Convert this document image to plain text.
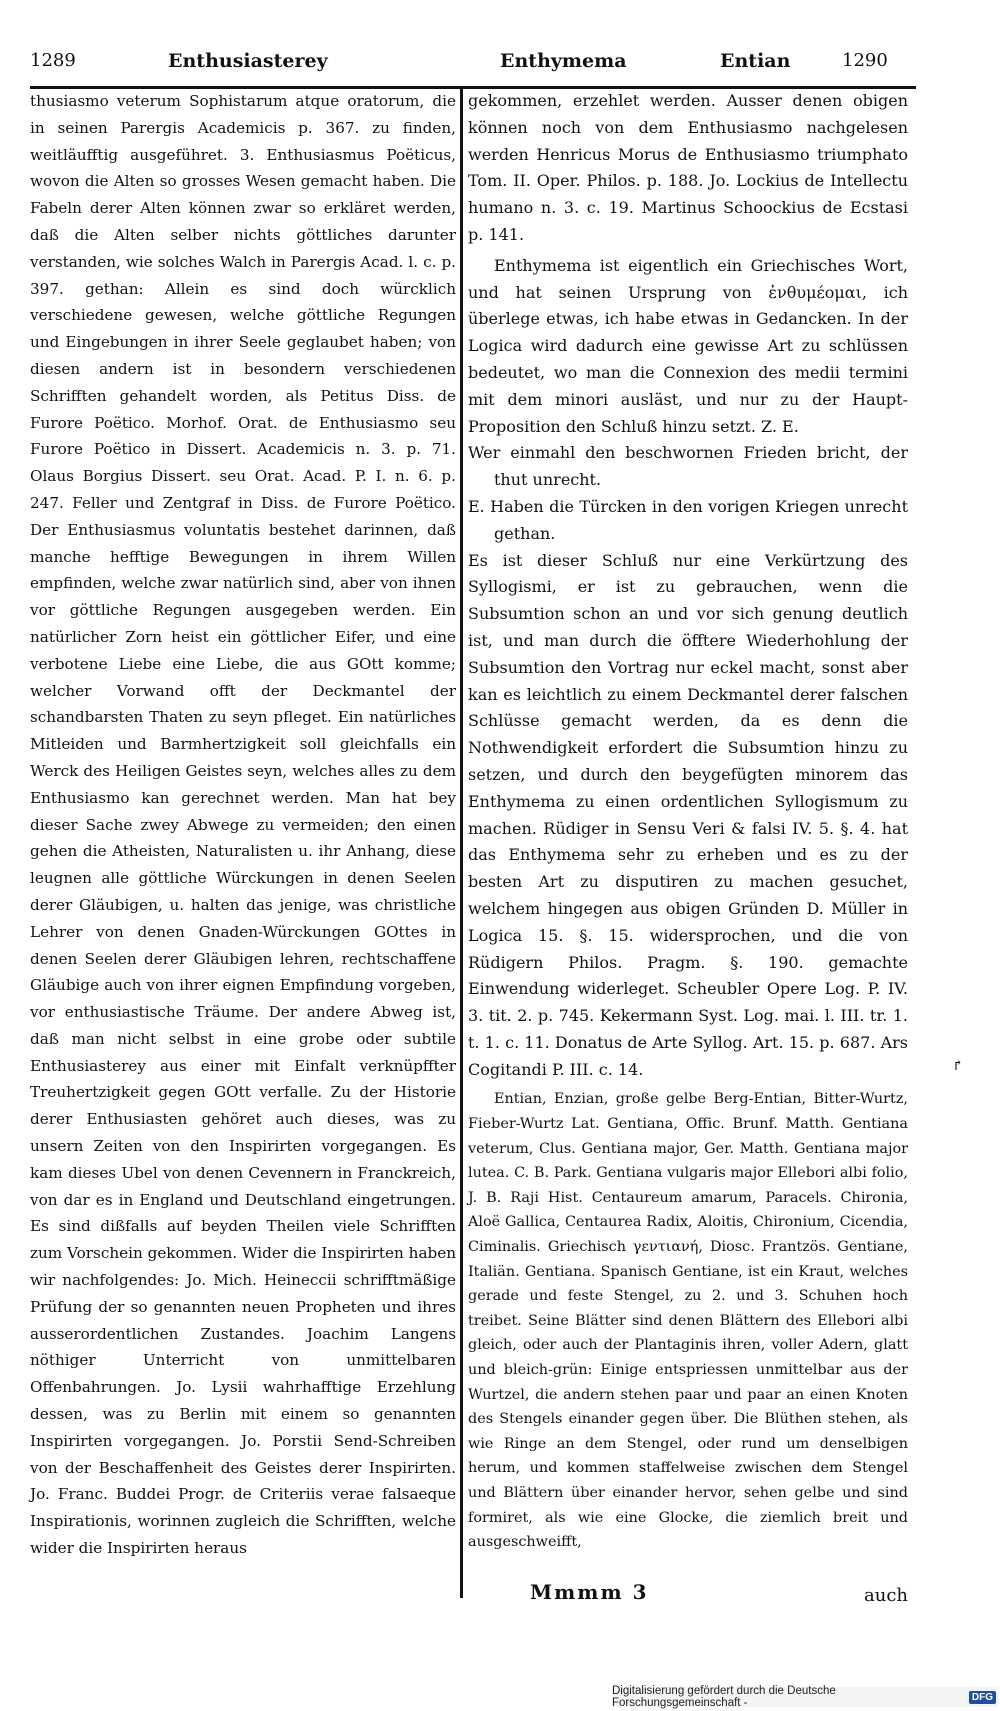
1289	Enthusiasterey	Enthymema	Entian	1290

thusiasmo veterum Sophistarum atque oratorum, die in seinen Parergis Academicis p. 367. zu finden, weitläufftig ausgeführet. 3. Enthusiasmus Poëticus, wovon die Alten so grosses Wesen gemacht haben. Die Fabeln derer Alten können zwar so erkläret werden, daß die Alten selber nichts göttliches darunter verstanden, wie solches Walch in Parergis Acad. l. c. p. 397. gethan: Allein es sind doch würcklich verschiedene gewesen, welche göttliche Regungen und Eingebungen in ihrer Seele geglaubet haben; von diesen andern ist in besondern verschiedenen Schrifften gehandelt worden, als Petitus Diss. de Furore Poëtico. Morhof. Orat. de Enthusiasmo seu Furore Poëtico in Dissert. Academicis n. 3. p. 71. Olaus Borgius Dissert. seu Orat. Acad. P. I. n. 6. p. 247. Feller und Zentgraf in Diss. de Furore Poëtico. Der Enthusiasmus voluntatis bestehet darinnen, daß manche hefftige Bewegungen in ihrem Willen empfinden, welche zwar natürlich sind, aber von ihnen vor göttliche Regungen ausgegeben werden. Ein natürlicher Zorn heist ein göttlicher Eifer, und eine verbotene Liebe eine Liebe, die aus GOtt komme; welcher Vorwand offt der Deckmantel der schandbarsten Thaten zu seyn pfleget. Ein natürliches Mitleiden und Barmhertzigkeit soll gleichfalls ein Werck des Heiligen Geistes seyn, welches alles zu dem Enthusiasmo kan gerechnet werden. Man hat bey dieser Sache zwey Abwege zu vermeiden; den einen gehen die Atheisten, Naturalisten u. ihr Anhang, diese leugnen alle göttliche Würckungen in denen Seelen derer Gläubigen, u. halten das jenige, was christliche Lehrer von denen Gnaden-Würckungen GOttes in denen Seelen derer Gläubigen lehren, rechtschaffene Gläubige auch von ihrer eignen Empfindung vorgeben, vor enthusiastische Träume. Der andere Abweg ist, daß man nicht selbst in eine grobe oder subtile Enthusiasterey aus einer mit Einfalt verknüpffter Treuhertzigkeit gegen GOtt verfalle. Zu der Historie derer Enthusiasten gehöret auch dieses, was zu unsern Zeiten von den Inspirirten vorgegangen. Es kam dieses Ubel von denen Cevennern in Franckreich, von dar es in England und Deutschland eingetrungen. Es sind dißfalls auf beyden Theilen viele Schrifften zum Vorschein gekommen. Wider die Inspirirten haben wir nachfolgendes: Jo. Mich. Heineccii schrifftmäßige Prüfung der so genannten neuen Propheten und ihres ausserordentlichen Zustandes. Joachim Langens nöthiger Unterricht von unmittelbaren Offenbahrungen. Jo. Lysii wahrhafftige Erzehlung dessen, was zu Berlin mit einem so genannten Inspirirten vorgegangen. Jo. Porstii Send-Schreiben von der Beschaffenheit des Geistes derer Inspirirten. Jo. Franc. Buddei Progr. de Criteriis verae falsaeque Inspirationis, worinnen zugleich die Schrifften, welche wider die Inspirirten heraus

gekommen, erzehlet werden. Ausser denen obigen können noch von dem Enthusiasmo nachgelesen werden Henricus Morus de Enthusiasmo triumphato Tom. II. Oper. Philos. p. 188. Jo. Lockius de Intellectu humano n. 3. c. 19. Martinus Schoockius de Ecstasi p. 141.

Enthymema ist eigentlich ein Griechisches Wort, und hat seinen Ursprung von ἐνθυμέομαι, ich überlege etwas, ich habe etwas in Gedancken. In der Logica wird dadurch eine gewisse Art zu schlüssen bedeutet, wo man die Connexion des medii termini mit dem minori ausläst, und nur zu der Haupt-Proposition den Schluß hinzu setzt. Z. E.

Wer einmahl den beschwornen Frieden bricht, der thut unrecht.

E. Haben die Türcken in den vorigen Kriegen unrecht gethan.

Es ist dieser Schluß nur eine Verkürtzung des Syllogismi, er ist zu gebrauchen, wenn die Subsumtion schon an und vor sich genung deutlich ist, und man durch die öfftere Wiederhohlung der Subsumtion den Vortrag nur eckel macht, sonst aber kan es leichtlich zu einem Deckmantel derer falschen Schlüsse gemacht werden, da es denn die Nothwendigkeit erfordert die Subsumtion hinzu zu setzen, und durch den beygefügten minorem das Enthymema zu einen ordentlichen Syllogismum zu machen. Rüdiger in Sensu Veri & falsi IV. 5. §. 4. hat das Enthymema sehr zu erheben und es zu der besten Art zu disputiren zu machen gesuchet, welchem hingegen aus obigen Gründen D. Müller in Logica 15. §. 15. widersprochen, und die von Rüdigern Philos. Pragm. §. 190. gemachte Einwendung widerleget. Scheubler Opere Log. P. IV. 3. tit. 2. p. 745. Kekermann Syst. Log. mai. l. III. tr. 1. t. 1. c. 11. Donatus de Arte Syllog. Art. 15. p. 687. Ars Cogitandi P. III. c. 14.

Entian, Enzian, große gelbe Berg-Entian, Bitter-Wurtz, Fieber-Wurtz Lat. Gentiana, Offic. Brunf. Matth. Gentiana veterum, Clus. Gentiana major, Ger. Matth. Gentiana major lutea. C. B. Park. Gentiana vulgaris major Ellebori albi folio, J. B. Raji Hist. Centaureum amarum, Paracels. Chironia, Aloë Gallica, Centaurea Radix, Aloitis, Chironium, Cicendia, Ciminalis. Griechisch γεντιανή, Diosc. Frantzös. Gentiane, Italiän. Gentiana. Spanisch Gentiane, ist ein Kraut, welches gerade und feste Stengel, zu 2. und 3. Schuhen hoch treibet. Seine Blätter sind denen Blättern des Ellebori albi gleich, oder auch der Plantaginis ihren, voller Adern, glatt und bleich-grün: Einige entspriessen unmittelbar aus der Wurtzel, die andern stehen paar und paar an einen Knoten des Stengels einander gegen über. Die Blüthen stehen, als wie Ringe an dem Stengel, oder rund um denselbigen herum, und kommen staffelweise zwischen dem Stengel und Blättern über einander hervor, sehen gelbe und sind formiret, als wie eine Glocke, die ziemlich breit und ausgeschweifft,

Mmmm 3	auch
↱
Digitalisierung gefördert durch die Deutsche Forschungsgemeinschaft -	DFG
